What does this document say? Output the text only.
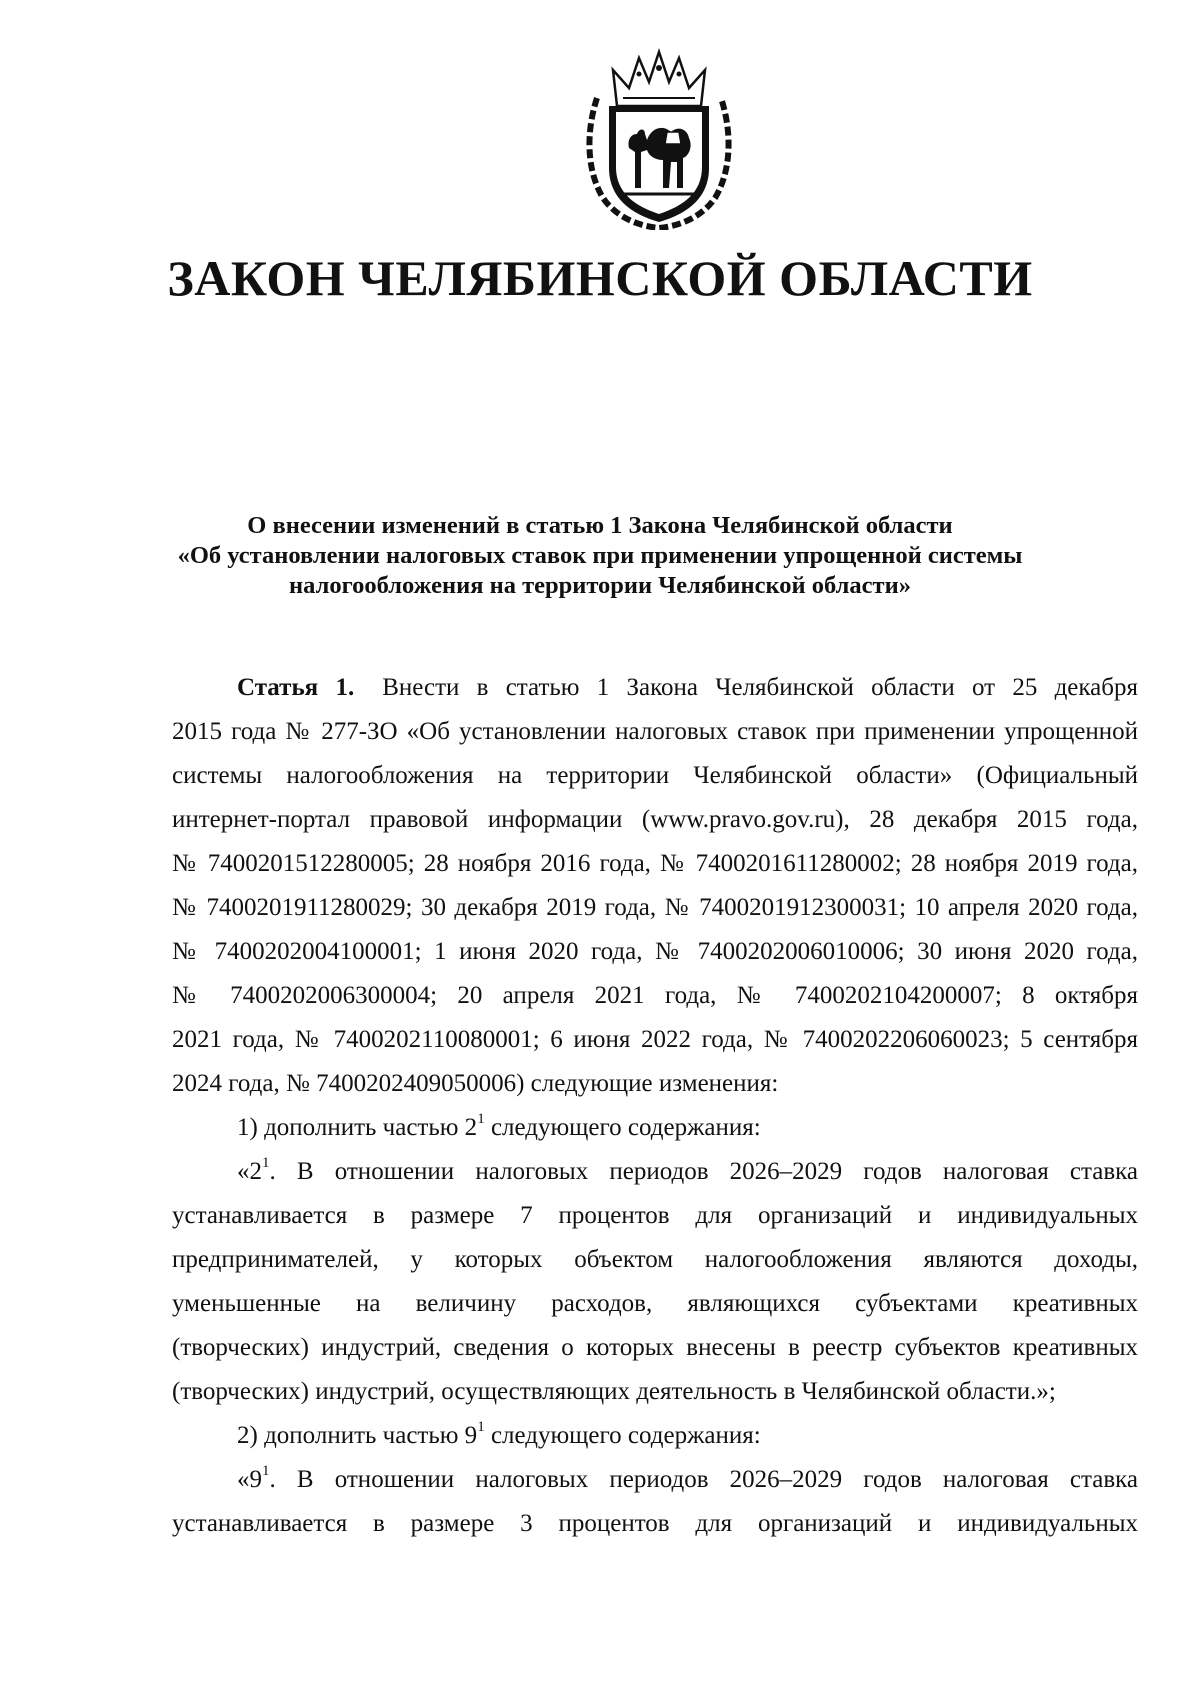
ЗАКОН ЧЕЛЯБИНСКОЙ ОБЛАСТИ
О внесении изменений в статью 1 Закона Челябинской области
«Об установлении налоговых ставок при применении упрощенной системы
налогообложения на территории Челябинской области»
Статья 1. Внести в статью 1 Закона Челябинской области от 25 декабря
2015 года № 277-ЗО «Об установлении налоговых ставок при применении упрощенной
системы налогообложения на территории Челябинской области» (Официальный
интернет-портал правовой информации (www.pravo.gov.ru), 28 декабря 2015 года,
№ 7400201512280005; 28 ноября 2016 года, № 7400201611280002; 28 ноября 2019 года,
№ 7400201911280029; 30 декабря 2019 года, № 7400201912300031; 10 апреля 2020 года,
№ 7400202004100001; 1 июня 2020 года, № 7400202006010006; 30 июня 2020 года,
№ 7400202006300004; 20 апреля 2021 года, № 7400202104200007; 8 октября
2021 года, № 7400202110080001; 6 июня 2022 года, № 7400202206060023; 5 сентября
2024 года, № 7400202409050006) следующие изменения:
1) дополнить частью $2^1$ следующего содержания:
«$2^1$. В отношении налоговых периодов 2026–2029 годов налоговая ставка
устанавливается в размере 7 процентов для организаций и индивидуальных
предпринимателей, у которых объектом налогообложения являются доходы,
уменьшенные на величину расходов, являющихся субъектами креативных
(творческих) индустрий, сведения о которых внесены в реестр субъектов креативных
(творческих) индустрий, осуществляющих деятельность в Челябинской области.»;
2) дополнить частью $9^1$ следующего содержания:
«$9^1$. В отношении налоговых периодов 2026–2029 годов налоговая ставка
устанавливается в размере 3 процентов для организаций и индивидуальных
